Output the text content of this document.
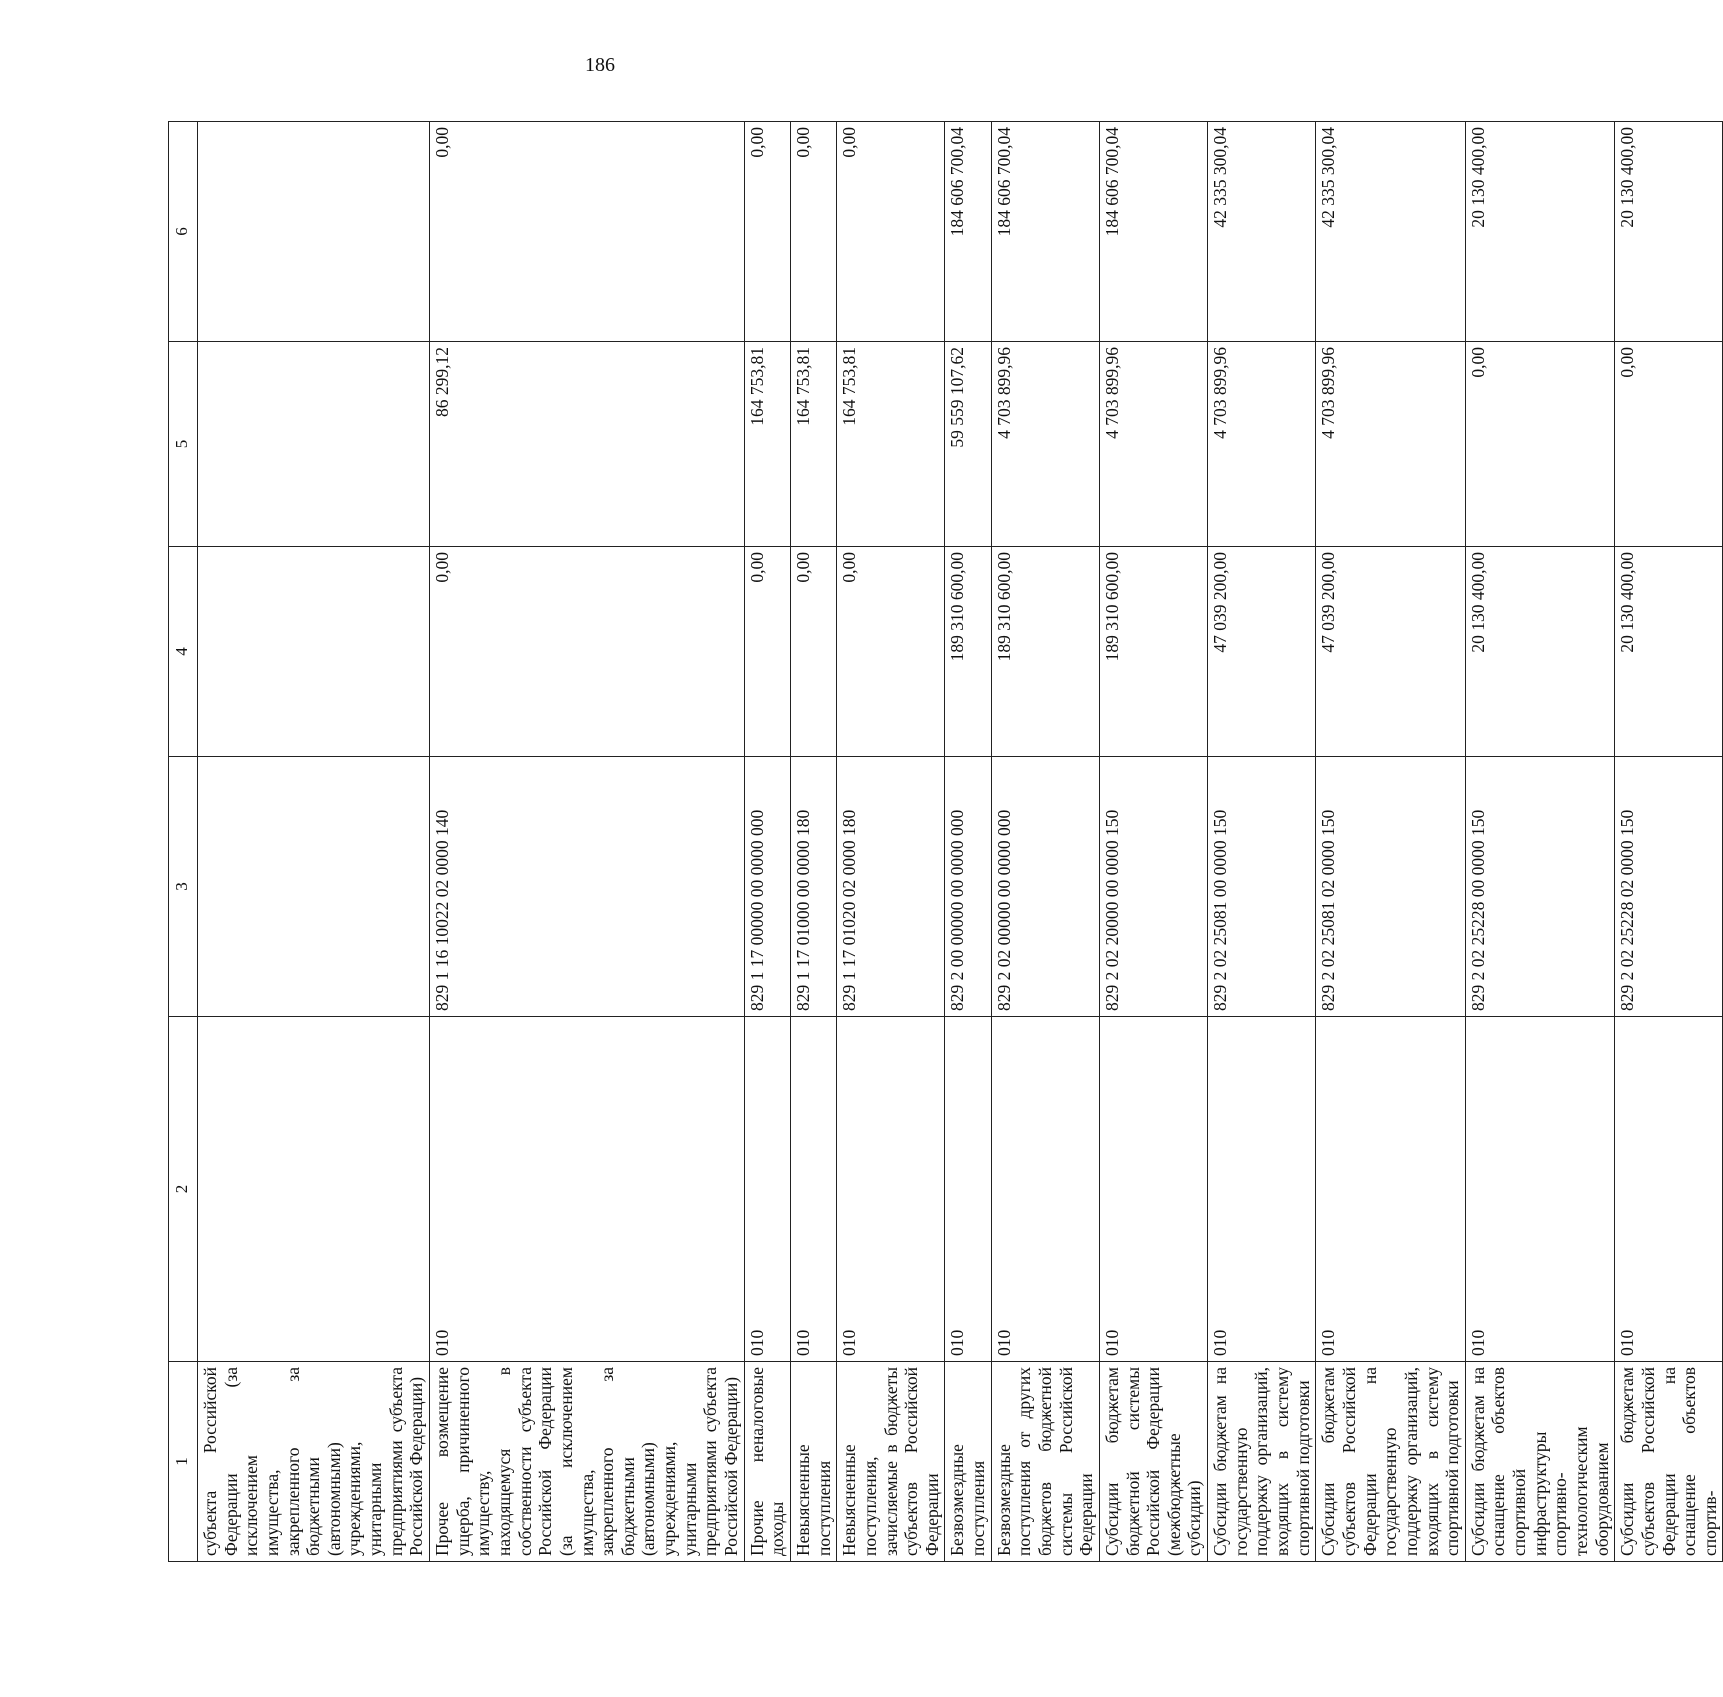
186
1	2	3	4	5	6
субъекта Российской Федерации (за исключением имущества, закрепленного за бюджетными (автономными) учреждениями, унитарными предприятиями субъекта Российской Федерации)					
Прочее возмещение ущерба, причиненного имуществу, находящемуся в собственности субъекта Российской Федерации (за исключением имущества, закрепленного за бюджетными (автономными) учреждениями, унитарными предприятиями субъекта Российской Федерации)	010	829 1 16 10022 02 0000 140	0,00	86 299,12	0,00
Прочие неналоговые доходы	010	829 1 17 00000 00 0000 000	0,00	164 753,81	0,00
Невыясненные поступления	010	829 1 17 01000 00 0000 180	0,00	164 753,81	0,00
Невыясненные поступления, зачисляемые в бюджеты субъектов Российской Федерации	010	829 1 17 01020 02 0000 180	0,00	164 753,81	0,00
Безвозмездные поступления	010	829 2 00 00000 00 0000 000	189 310 600,00	59 559 107,62	184 606 700,04
Безвозмездные поступления от других бюджетов бюджетной системы Российской Федерации	010	829 2 02 00000 00 0000 000	189 310 600,00	4 703 899,96	184 606 700,04
Субсидии бюджетам бюджетной системы Российской Федерации (межбюджетные субсидии)	010	829 2 02 20000 00 0000 150	189 310 600,00	4 703 899,96	184 606 700,04
Субсидии бюджетам на государственную поддержку организаций, входящих в систему спортивной подготовки	010	829 2 02 25081 00 0000 150	47 039 200,00	4 703 899,96	42 335 300,04
Субсидии бюджетам субъектов Российской Федерации на государственную поддержку организаций, входящих в систему спортивной подготовки	010	829 2 02 25081 02 0000 150	47 039 200,00	4 703 899,96	42 335 300,04
Субсидии бюджетам на оснащение объектов спортивной инфраструктуры спортивно-технологическим оборудованием	010	829 2 02 25228 00 0000 150	20 130 400,00	0,00	20 130 400,00
Субсидии бюджетам субъектов Российской Федерации на оснащение объектов спортив-	010	829 2 02 25228 02 0000 150	20 130 400,00	0,00	20 130 400,00
